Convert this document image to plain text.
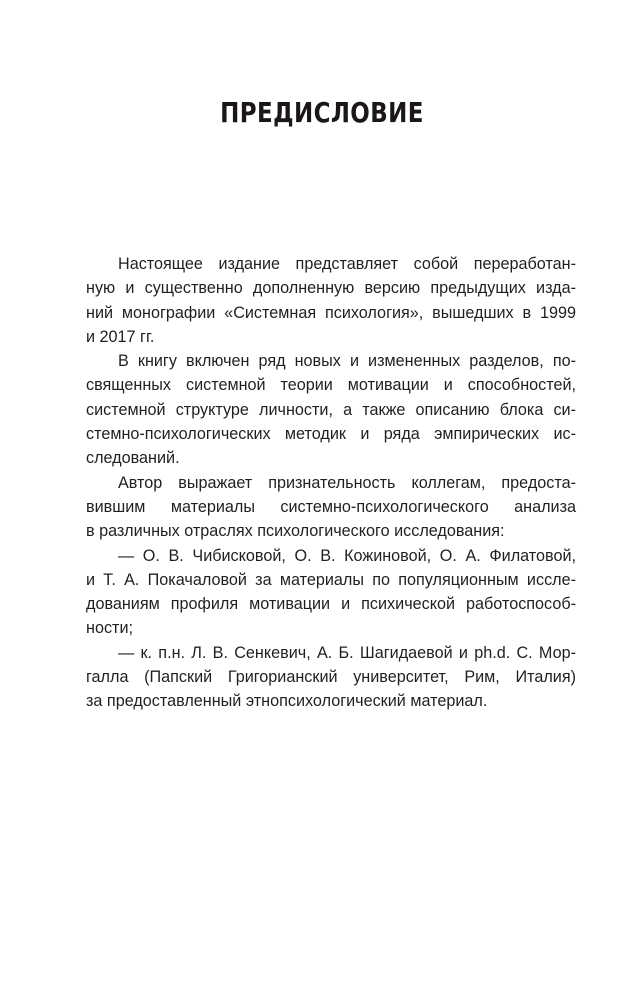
ПРЕДИСЛОВИЕ

Настоящее издание представляет собой переработан-
ную и существенно дополненную версию предыдущих изда-
ний монографии «Системная психология», вышедших в 1999
и 2017 гг.

В книгу включен ряд новых и измененных разделов, по-
священных системной теории мотивации и способностей,
системной структуре личности, а также описанию блока си-
стемно-психологических методик и ряда эмпирических ис-
следований.

Автор выражает признательность коллегам, предоста-
вившим материалы системно-психологического анализа
в различных отраслях психологического исследования:

— О. В. Чибисковой, О. В. Кожиновой, О. А. Филатовой,
и Т. А. Покачаловой за материалы по популяционным иссле-
дованиям профиля мотивации и психической работоспособ-
ности;

— к. п.н. Л. В. Сенкевич, А. Б. Шагидаевой и ph.d. С. Мор-
галла (Папский Григорианский университет, Рим, Италия)
за предоставленный этнопсихологический материал.
